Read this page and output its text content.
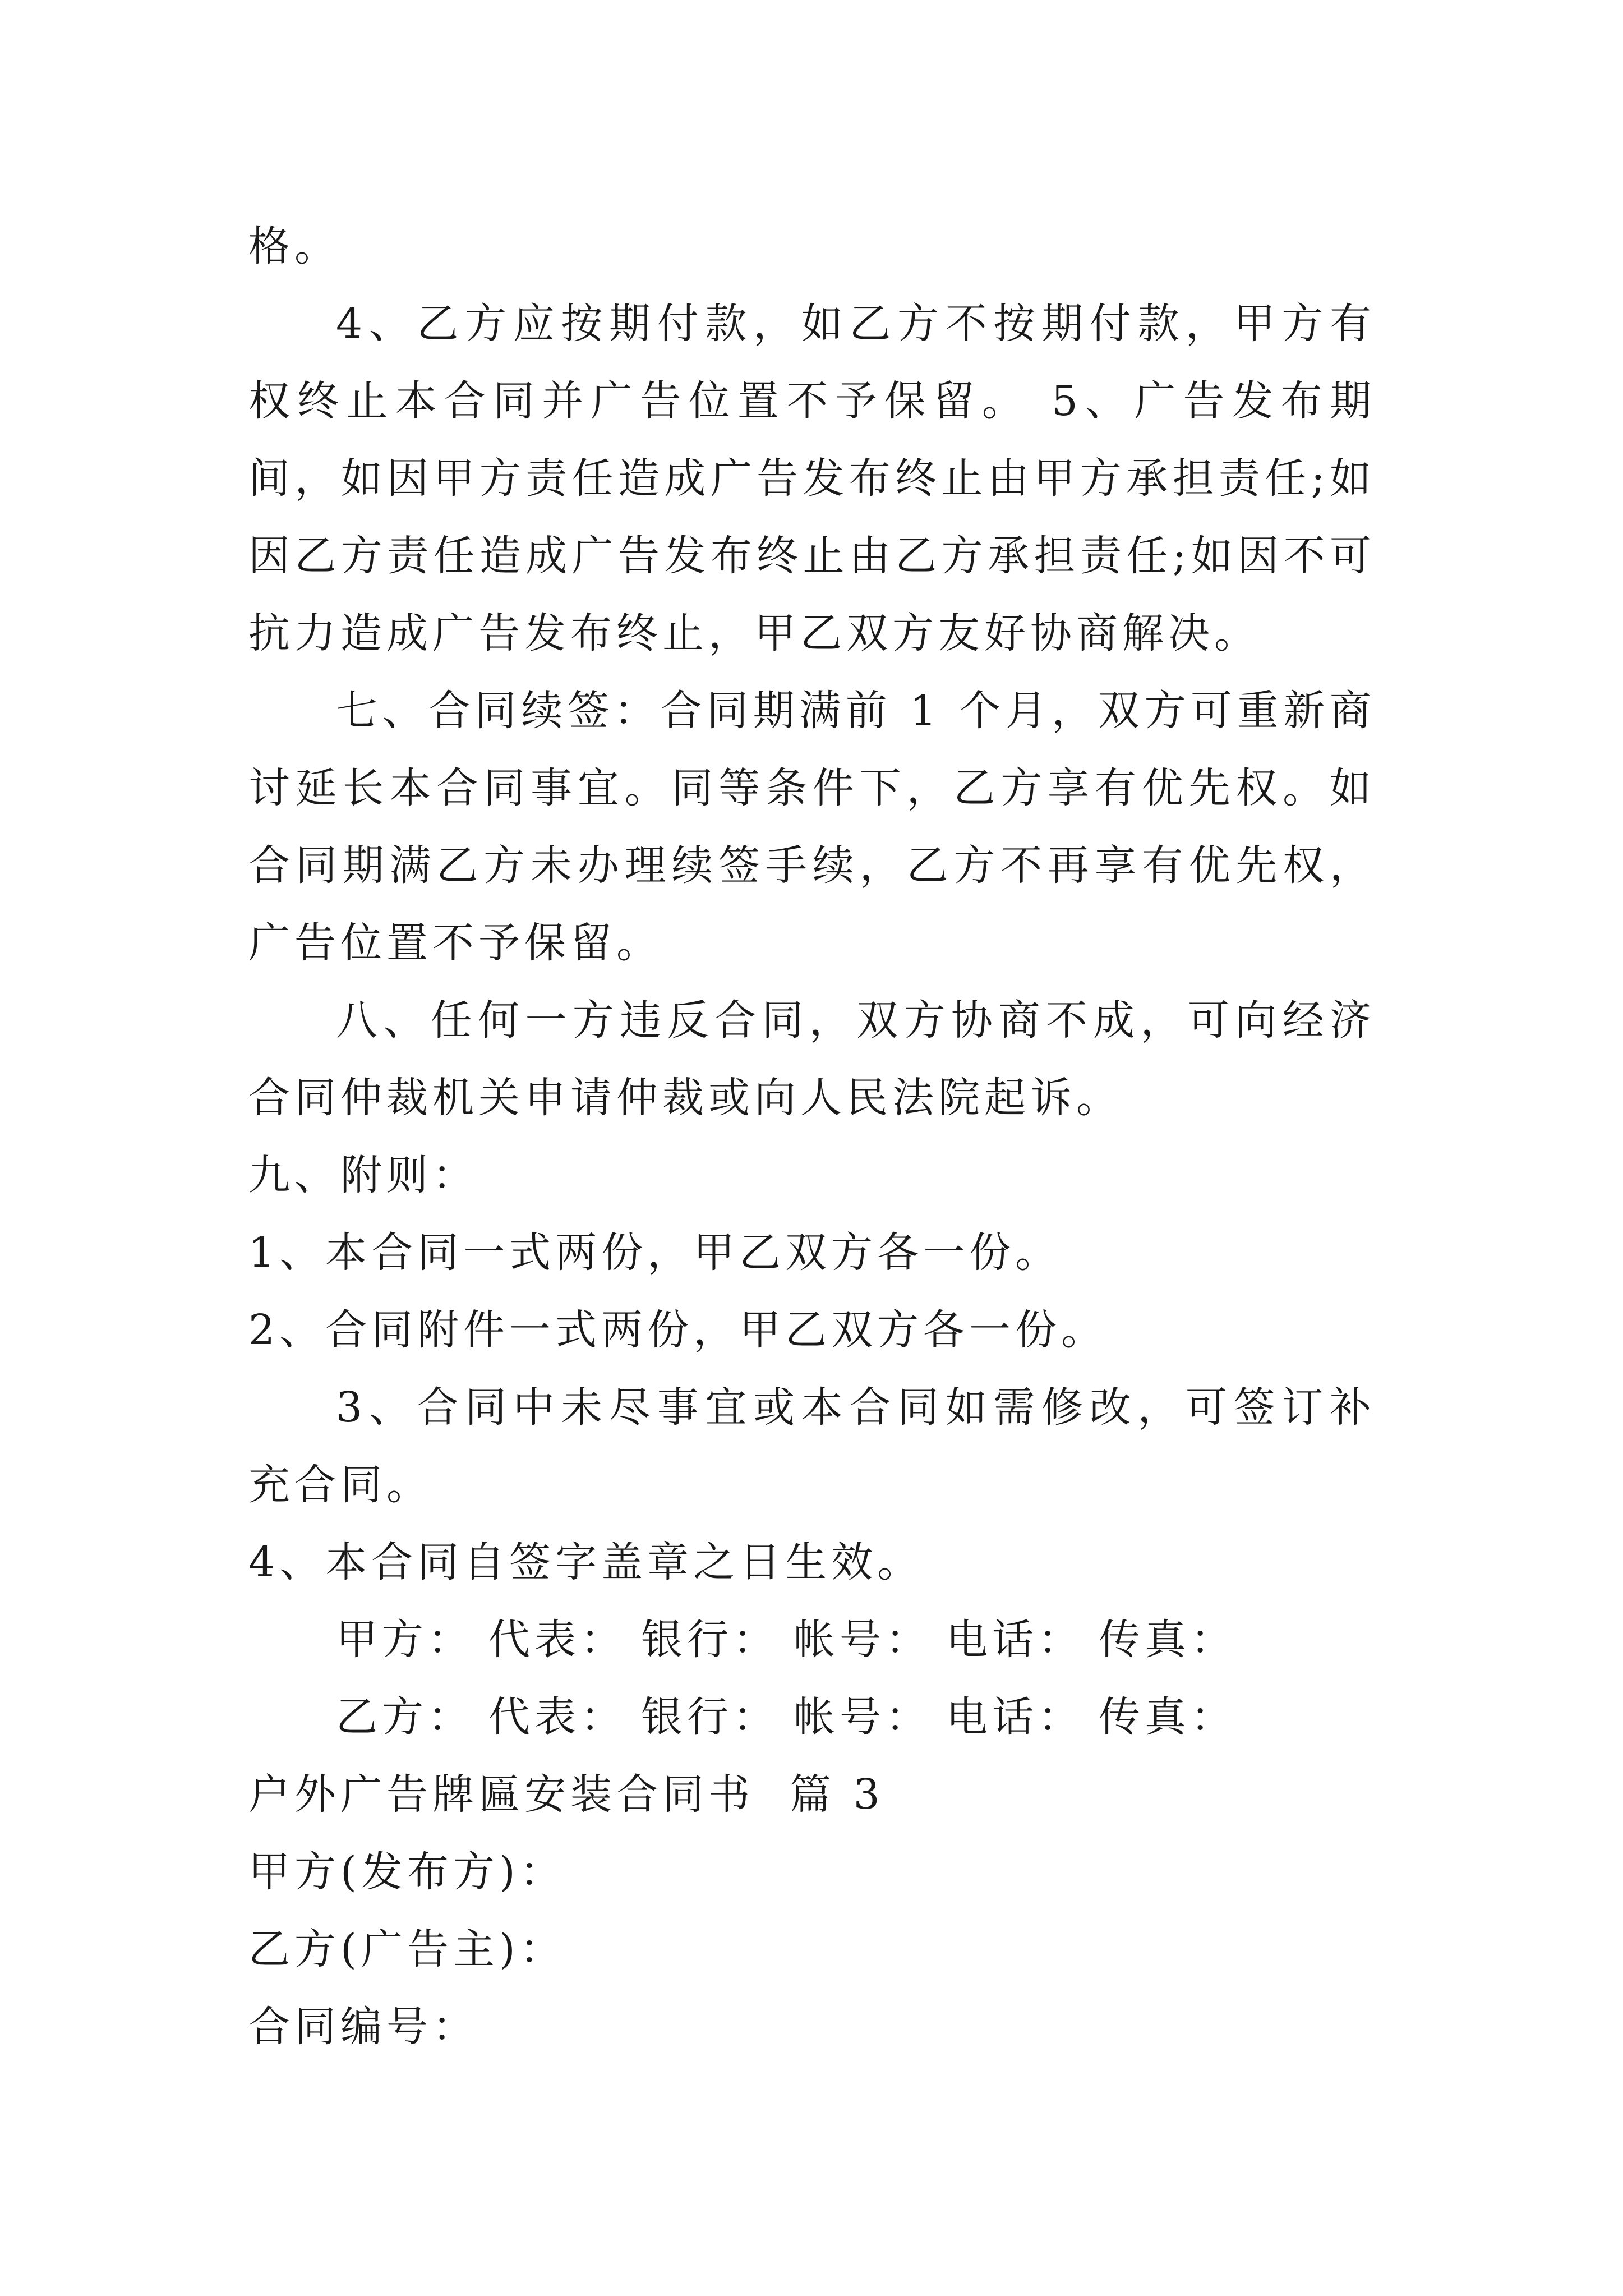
格。

4、乙方应按期付款，如乙方不按期付款，甲方有权终止本合同并广告位置不予保留。 5、广告发布期间，如因甲方责任造成广告发布终止由甲方承担责任;如因乙方责任造成广告发布终止由乙方承担责任;如因不可抗力造成广告发布终止，甲乙双方友好协商解决。

七、合同续签：合同期满前 1 个月，双方可重新商讨延长本合同事宜。同等条件下，乙方享有优先权。如合同期满乙方未办理续签手续，乙方不再享有优先权，广告位置不予保留。

八、任何一方违反合同，双方协商不成，可向经济合同仲裁机关申请仲裁或向人民法院起诉。

九、附则：

1、本合同一式两份，甲乙双方各一份。

2、合同附件一式两份，甲乙双方各一份。

3、合同中未尽事宜或本合同如需修改，可签订补充合同。

4、本合同自签字盖章之日生效。

甲方： 代表： 银行： 帐号： 电话： 传真：
乙方： 代表： 银行： 帐号： 电话： 传真：

户外广告牌匾安装合同书  篇 3

甲方(发布方)：

乙方(广告主)：

合同编号：
